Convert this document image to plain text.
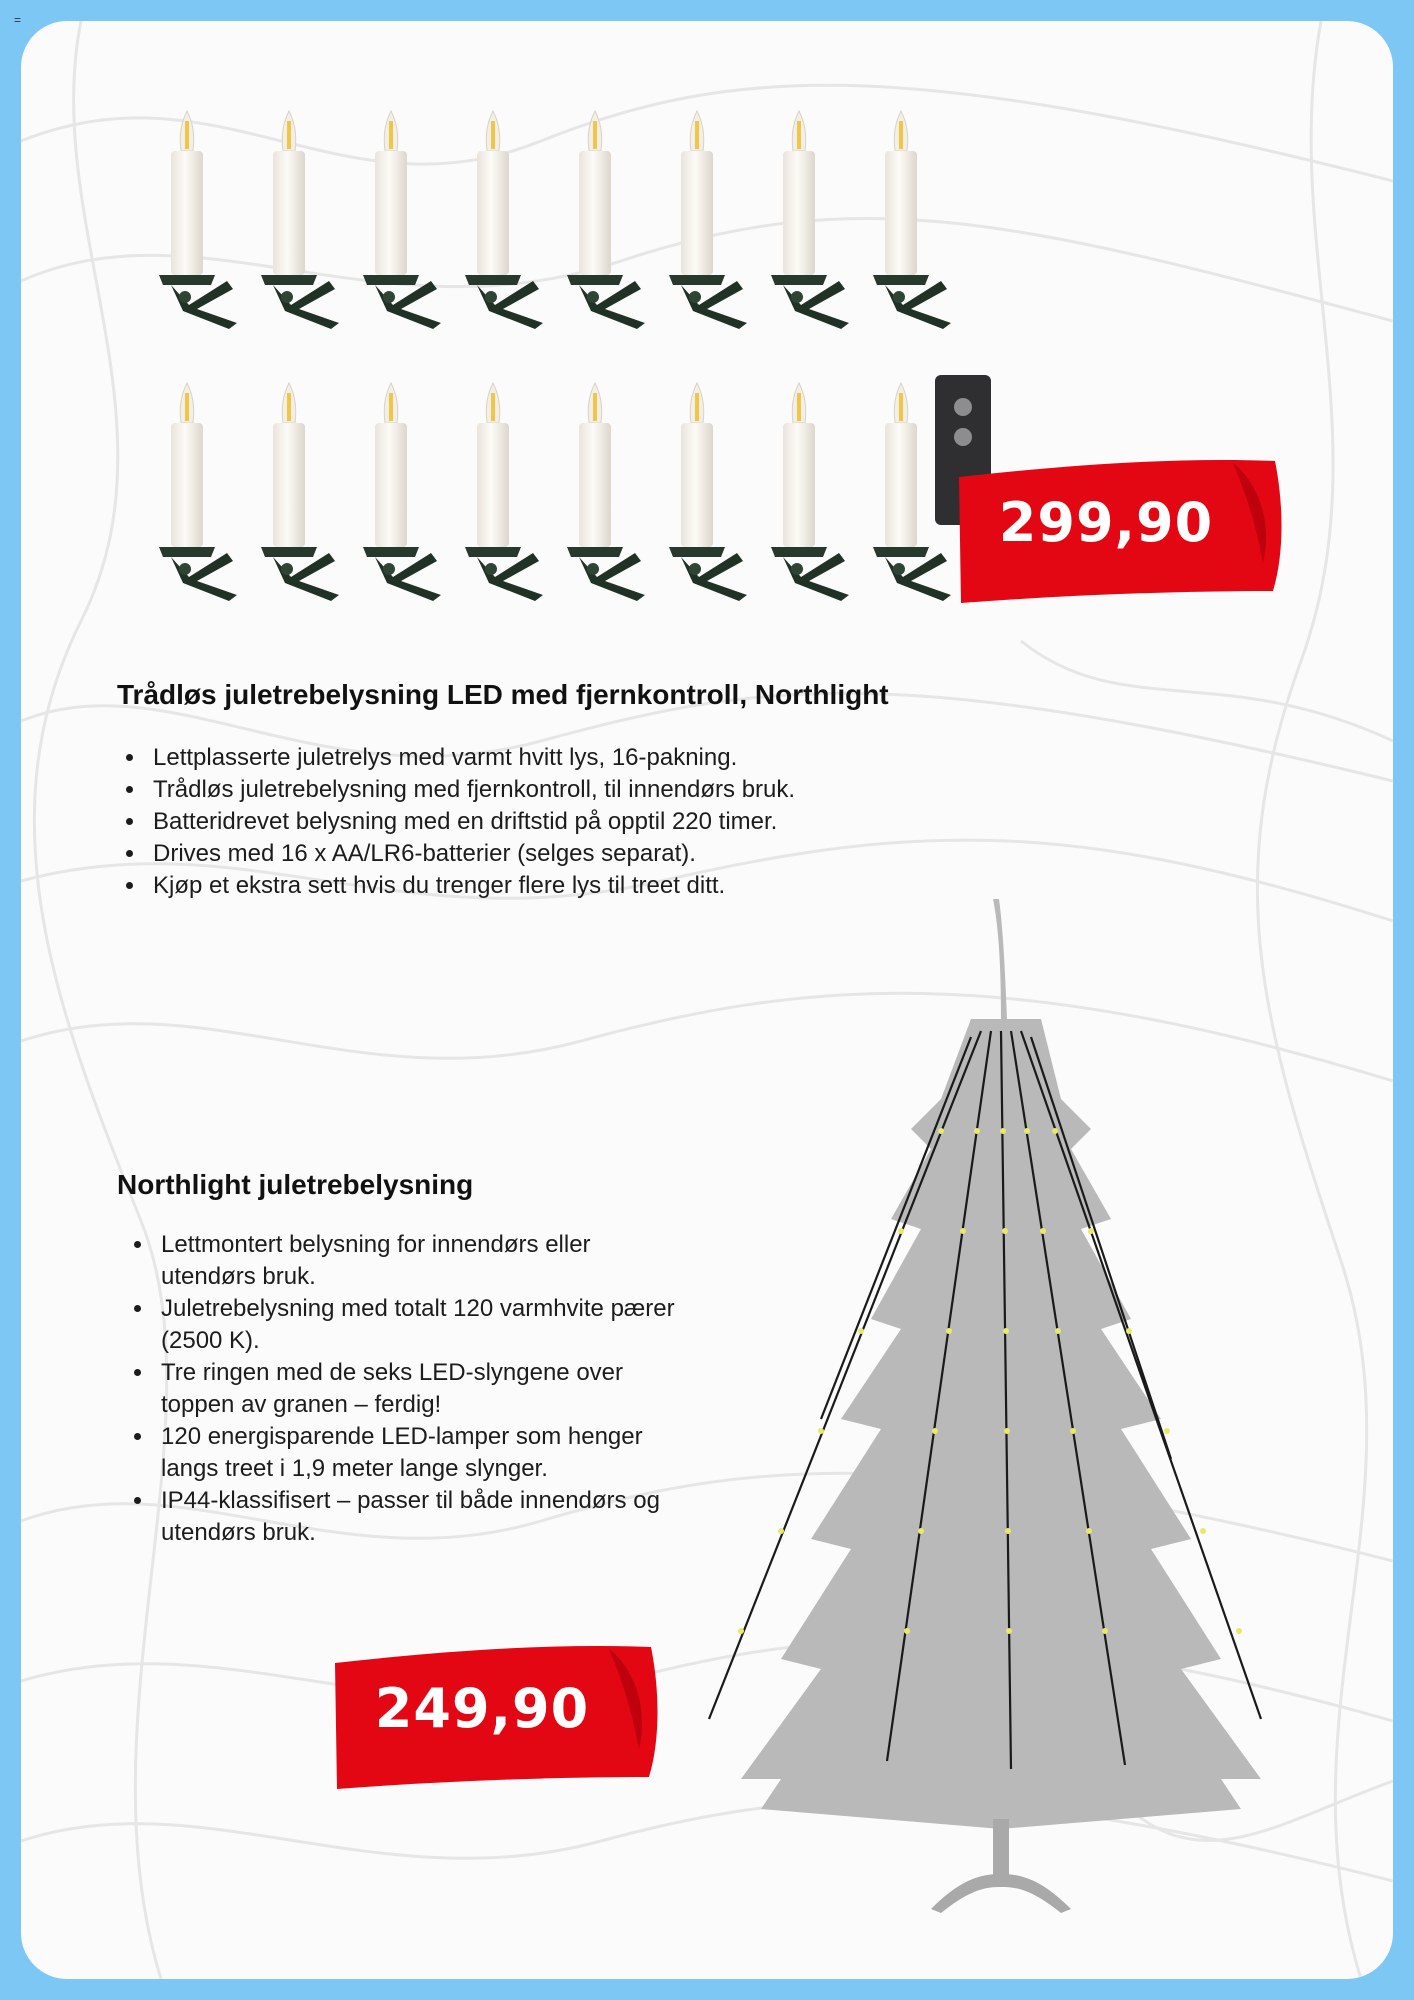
=
299,90
Trådløs juletrebelysning LED med fjernkontroll, Northlight
• Lettplasserte juletrelys med varmt hvitt lys, 16-pakning.
• Trådløs juletrebelysning med fjernkontroll, til innendørs bruk.
• Batteridrevet belysning med en driftstid på opptil 220 timer.
• Drives med 16 x AA/LR6-batterier (selges separat).
• Kjøp et ekstra sett hvis du trenger flere lys til treet ditt.
Northlight juletrebelysning
• Lettmontert belysning for innendørs eller utendørs bruk.
• Juletrebelysning med totalt 120 varmhvite pærer (2500 K).
• Tre ringen med de seks LED-slyngene over toppen av granen – ferdig!
• 120 energisparende LED-lamper som henger langs treet i 1,9 meter lange slynger.
• IP44-klassifisert – passer til både innendørs og utendørs bruk.
249,90
